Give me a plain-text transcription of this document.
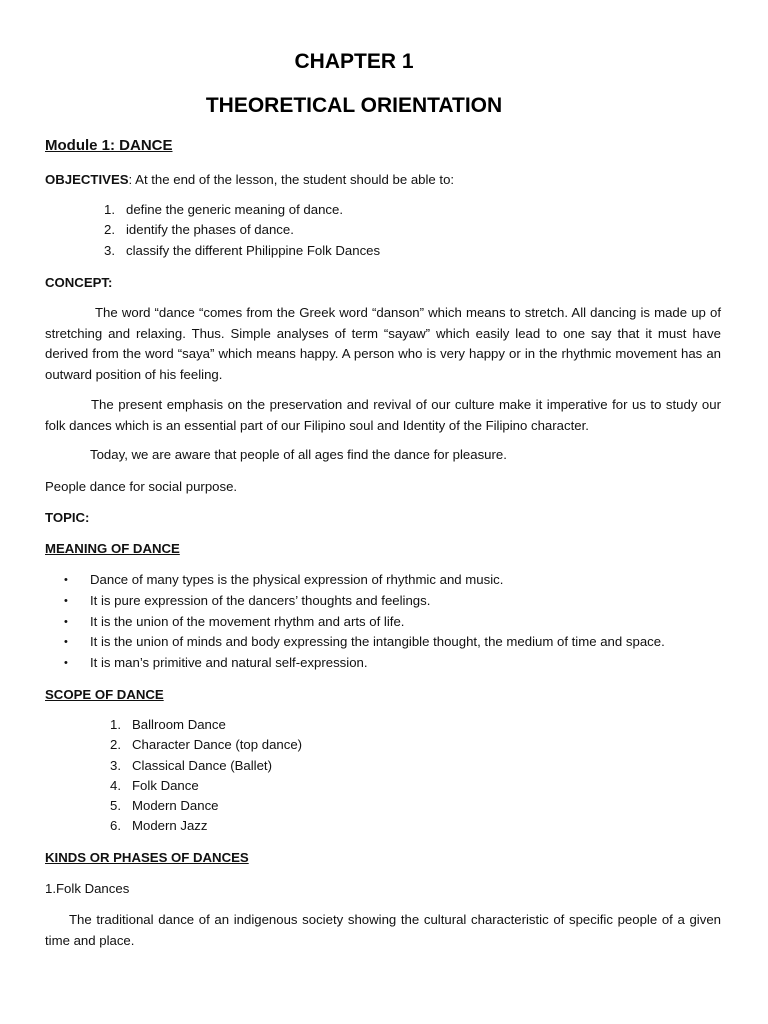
CHAPTER 1
THEORETICAL ORIENTATION
Module 1: DANCE
OBJECTIVES: At the end of the lesson, the student should be able to:
1. define the generic meaning of dance.
2. identify the phases of dance.
3. classify the different Philippine Folk Dances
CONCEPT:
The word “dance “comes from the Greek word “danson” which means to stretch. All dancing is made up of stretching and relaxing. Thus. Simple analyses of term “sayaw” which easily lead to one say that it must have derived from the word “saya” which means happy. A person who is very happy or in the rhythmic movement has an outward position of his feeling.
The present emphasis on the preservation and revival of our culture make it imperative for us to study our folk dances which is an essential part of our Filipino soul and Identity of the Filipino character.
Today, we are aware that people of all ages find the dance for pleasure.
People dance for social purpose.
TOPIC:
MEANING OF DANCE
• Dance of many types is the physical expression of rhythmic and music.
• It is pure expression of the dancers’ thoughts and feelings.
• It is the union of the movement rhythm and arts of life.
• It is the union of minds and body expressing the intangible thought, the medium of time and space.
• It is man’s primitive and natural self-expression.
SCOPE OF DANCE
1. Ballroom Dance
2. Character Dance (top dance)
3. Classical Dance (Ballet)
4. Folk Dance
5. Modern Dance
6. Modern Jazz
KINDS OR PHASES OF DANCES
1.Folk Dances
The traditional dance of an indigenous society showing the cultural characteristic of specific people of a given time and place.
